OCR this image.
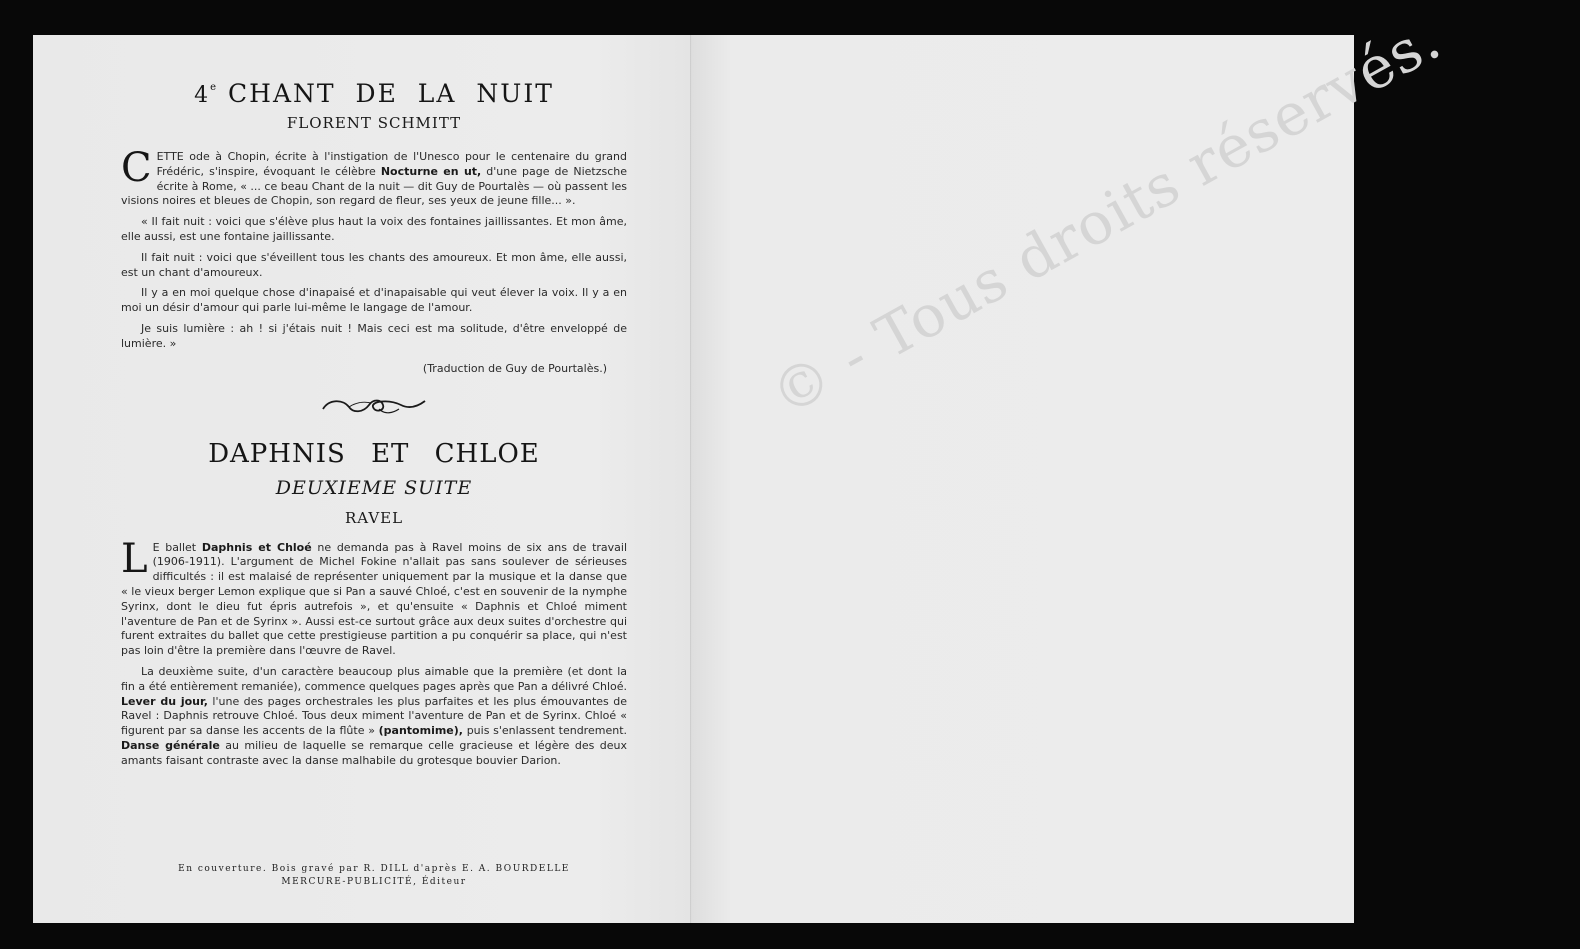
4e CHANT DE LA NUIT
FLORENT SCHMITT

CETTE ode à Chopin, écrite à l'instigation de l'Unesco pour le centenaire du grand Frédéric, s'inspire, évoquant le célèbre Nocturne en ut, d'une page de Nietzsche écrite à Rome, « ... ce beau Chant de la nuit — dit Guy de Pourtalès — où passent les visions noires et bleues de Chopin, son regard de fleur, ses yeux de jeune fille... ».

« Il fait nuit : voici que s'élève plus haut la voix des fontaines jaillissantes. Et mon âme, elle aussi, est une fontaine jaillissante.

Il fait nuit : voici que s'éveillent tous les chants des amoureux. Et mon âme, elle aussi, est un chant d'amoureux.

Il y a en moi quelque chose d'inapaisé et d'inapaisable qui veut élever la voix. Il y a en moi un désir d'amour qui parle lui-même le langage de l'amour.

Je suis lumière : ah ! si j'étais nuit ! Mais ceci est ma solitude, d'être enveloppé de lumière. »

(Traduction de Guy de Pourtalès.)
DAPHNIS ET CHLOE
DEUXIEME SUITE
RAVEL

L E ballet Daphnis et Chloé ne demanda pas à Ravel moins de six ans de travail (1906-1911). L'argument de Michel Fokine n'allait pas sans soulever de sérieuses difficultés : il est malaisé de représenter uniquement par la musique et la danse que « le vieux berger Lemon explique que si Pan a sauvé Chloé, c'est en souvenir de la nymphe Syrinx, dont le dieu fut épris autrefois », et qu'ensuite « Daphnis et Chloé miment l'aventure de Pan et de Syrinx ». Aussi est-ce surtout grâce aux deux suites d'orchestre qui furent extraites du ballet que cette prestigieuse partition a pu conquérir sa place, qui n'est pas loin d'être la première dans l'œuvre de Ravel.

La deuxième suite, d'un caractère beaucoup plus aimable que la première (et dont la fin a été entièrement remaniée), commence quelques pages après que Pan a délivré Chloé. Lever du jour, l'une des pages orchestrales les plus parfaites et les plus émouvantes de Ravel : Daphnis retrouve Chloé. Tous deux miment l'aventure de Pan et de Syrinx. Chloé « figurent par sa danse les accents de la flûte » (pantomime), puis s'enlassent tendrement. Danse générale au milieu de laquelle se remarque celle gracieuse et légère des deux amants faisant contraste avec la danse malhabile du grotesque bouvier Darion.

En couverture. Bois gravé par R. DILL d'après E. A. BOURDELLE
MERCURE-PUBLICITÉ, Éditeur
© - Tous droits réservés.
